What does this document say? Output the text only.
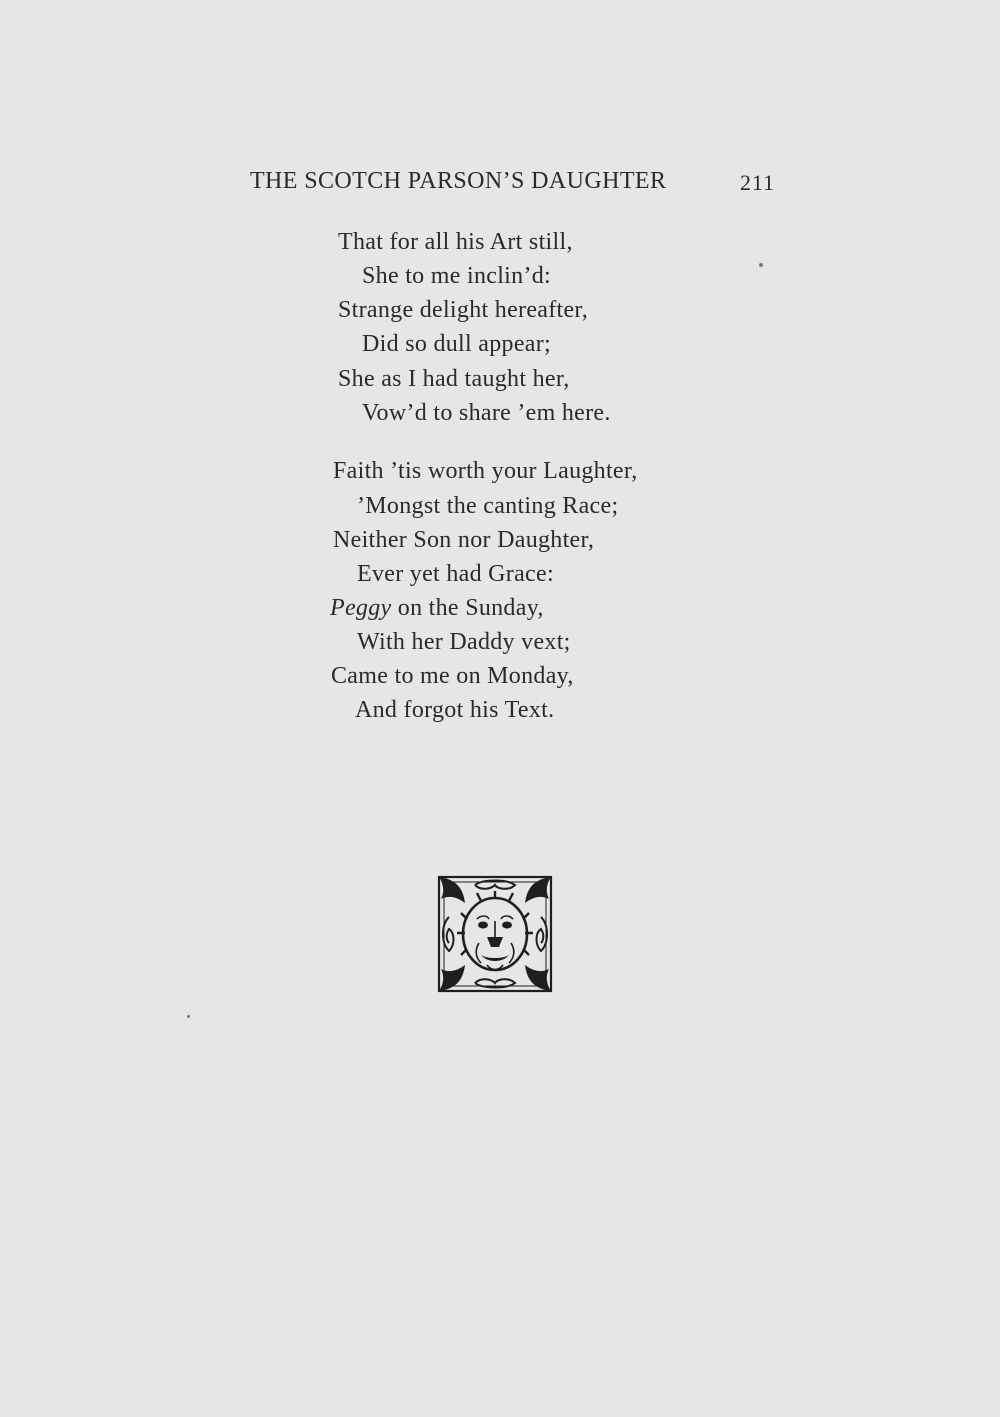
THE SCOTCH PARSON’S DAUGHTER	211
That for all his Art still,
She to me inclin’d:
Strange delight hereafter,
Did so dull appear;
She as I had taught her,
Vow’d to share ’em here.
Faith ’tis worth your Laughter,
’Mongst the canting Race;
Neither Son nor Daughter,
Ever yet had Grace:
Peggy on the Sunday,
With her Daddy vext;
Came to me on Monday,
And forgot his Text.
